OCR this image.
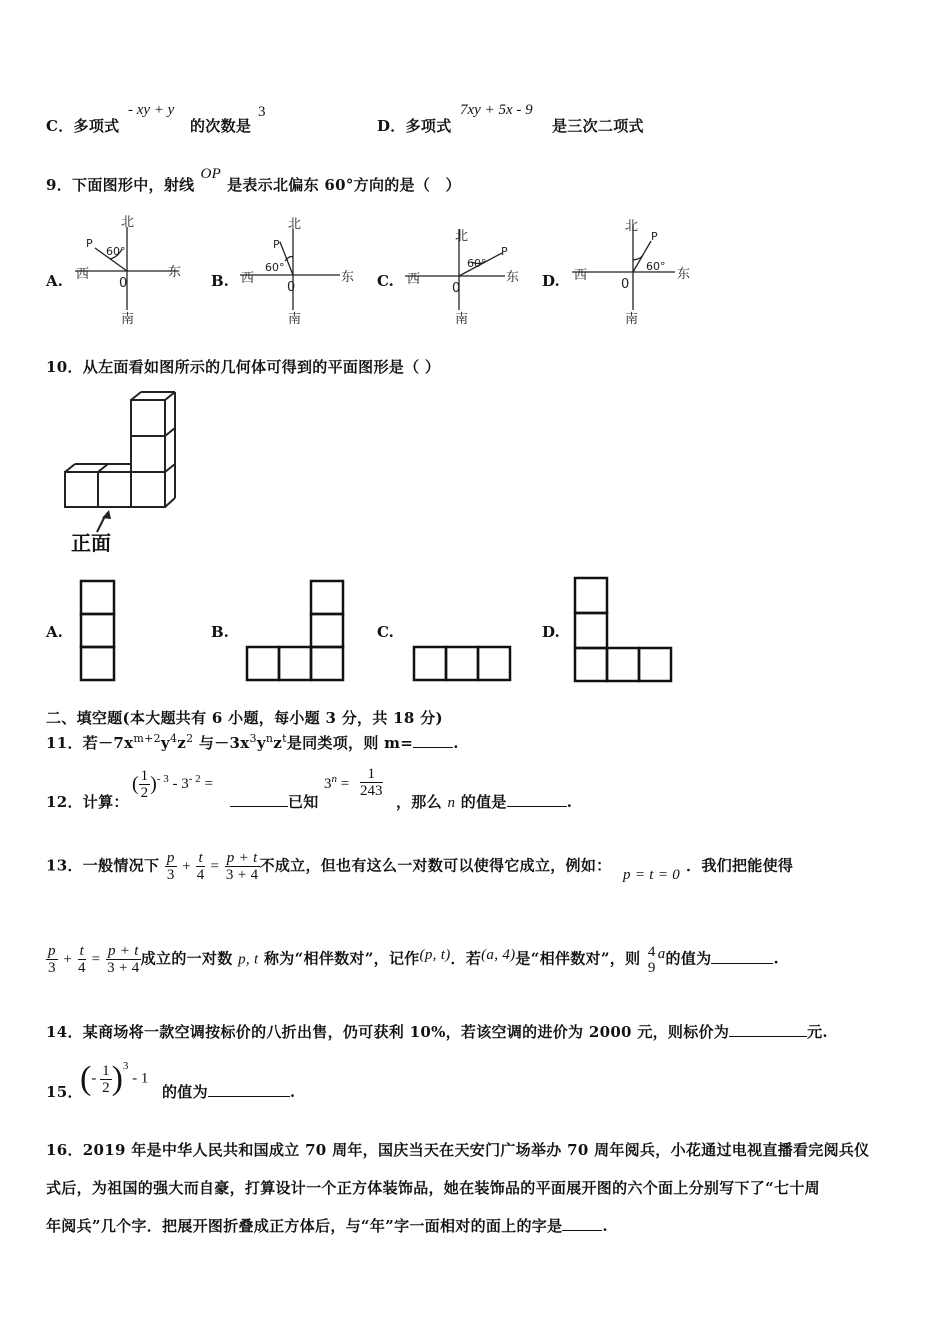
C．多项式
- xy + y
的次数是
3
D．多项式
7xy + 5x - 9
是三次二项式
9．下面图形中，射线OP是表示北偏东 60°方向的是（　）
A.	B.	C.	D.
北
西	东
0
南
P
60°
北
西	东
0
南
P
60°
北
西	东
0
南
P
60°
北
西	东
0
南
P
60°
10．从左面看如图所示的几何体可得到的平面图形是（ ）
正面
A.	B.	C.	D.
二、填空题(本大题共有 6 小题，每小题 3 分，共 18 分)
11．若$-7x^{m+2}y^4z^2$ 与$-3x^3y^nz^t$是同类项，则 m=	.
12．计算：
( $\frac{1}{2} )^{- 3} - 3^{- 2}$ =
已知
$3^n = \frac{1}{243}$
，那么 n 的值是	.
13．一般情况下 $\frac{p}{3} + \frac{t}{4} = \frac{p + t}{3 + 4}$ 不成立，但也有这么一对数可以使得它成立，例如： p = t = 0 ．我们把能使得
$\frac{p}{3} + \frac{t}{4} = \frac{p + t}{3 + 4}$ 成立的一对数 p, t 称为“相伴数对”，记作(p, t)．若(a, 4)是“相伴数对”，则 4
9
a的值为	.
14．某商场将一款空调按标价的八折出售，仍可获利 10%，若该空调的进价为 2000 元，则标价为	元.
15．
(- $\frac{1}{2} )^3 - 1$
的值为	.
16．2019 年是中华人民共和国成立 70 周年，国庆当天在天安门广场举办 70 周年阅兵，小花通过电视直播看完阅兵仪
式后，为祖国的强大而自豪，打算设计一个正方体装饰品，她在装饰品的平面展开图的六个面上分别写下了“七十周
年阅兵”几个字．把展开图折叠成正方体后，与“年”字一面相对的面上的字是	.
